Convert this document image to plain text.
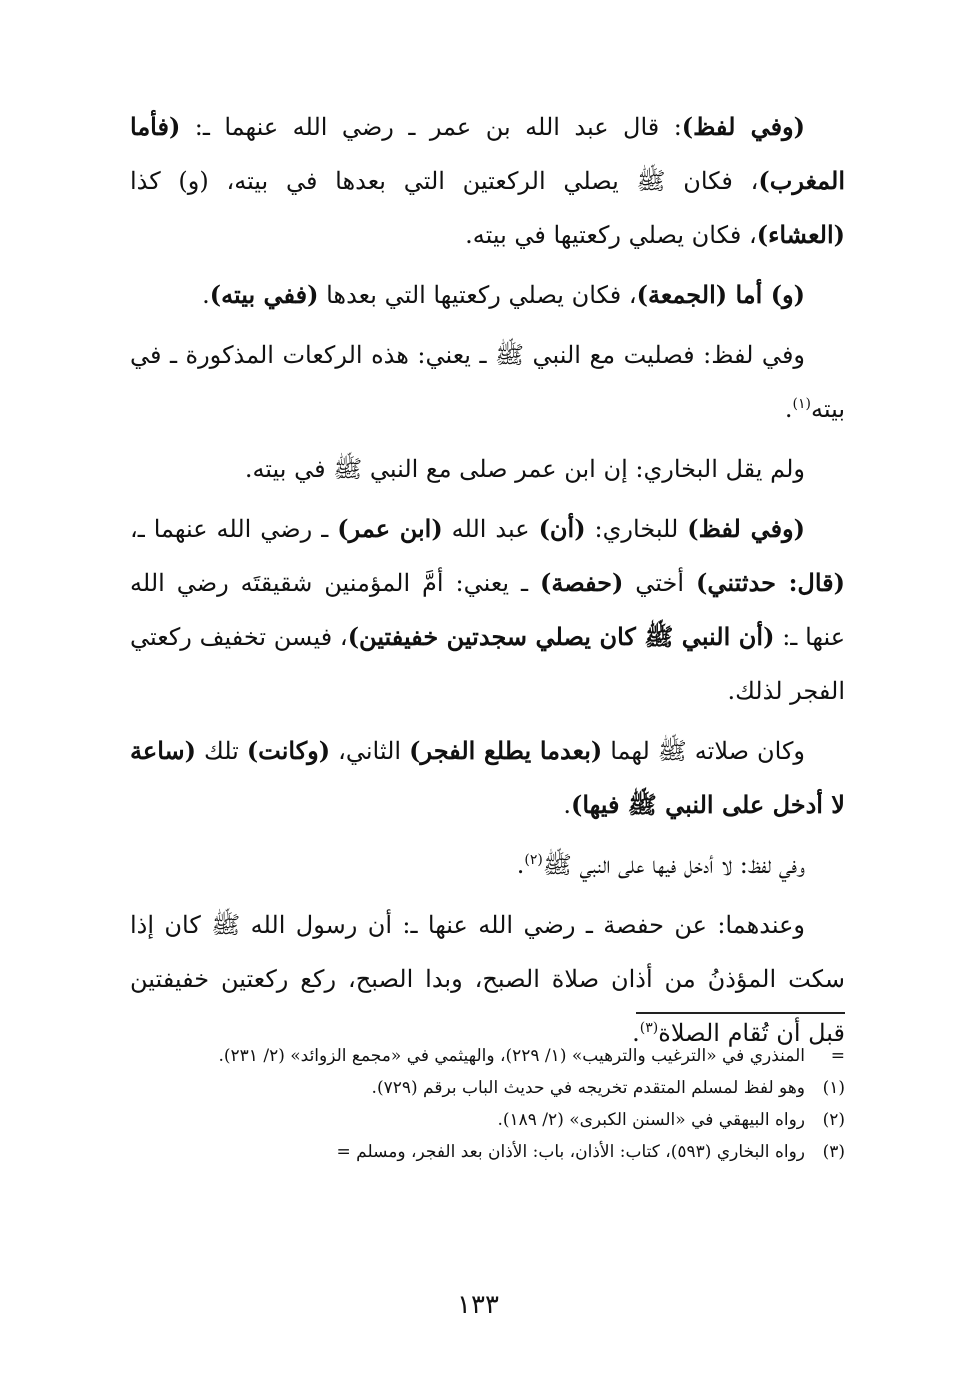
(وفي لفظ): قال عبد الله بن عمر ـ رضي الله عنهما ـ: (فأما المغرب)، فكان ﷺ يصلي الركعتين التي بعدها في بيته، (و) كذا (العشاء)، فكان يصلي ركعتيها في بيته.

(و) أما (الجمعة)، فكان يصلي ركعتيها التي بعدها (ففي بيته).

وفي لفظ: فصليت مع النبي ﷺ ـ يعني: هذه الركعات المذكورة ـ في بيته$^{(١)}$.

ولم يقل البخاري: إن ابن عمر صلى مع النبي ﷺ في بيته.

(وفي لفظ) للبخاري: (أن) عبد الله (ابن عمر) ـ رضي الله عنهما ـ، (قال: حدثتني) أختي (حفصة) ـ يعني: أمَّ المؤمنين شقيقتَه رضي الله عنها ـ: (أن النبي ﷺ كان يصلي سجدتين خفيفتين)، فيسن تخفيف ركعتي الفجر لذلك.

وكان صلاته ﷺ لهما (بعدما يطلع الفجر) الثاني، (وكانت) تلك (ساعة لا أدخل على النبي ﷺ فيها).

وفي لفظ: لا أدخل فيها على النبي ﷺ$^{(٢)}$.

وعندهما: عن حفصة ـ رضي الله عنها ـ: أن رسول الله ﷺ كان إذا سكت المؤذنُ من أذان صلاة الصبح، وبدا الصبح، ركع ركعتين خفيفتين قبل أن تُقام الصلاة$^{(٣)}$.

=
المنذري في «الترغيب والترهيب» (١/ ٢٢٩)، والهيثمي في «مجمع الزوائد» (٢/ ٢٣١).
(١)
وهو لفظ لمسلم المتقدم تخريجه في حديث الباب برقم (٧٢٩).
(٢)
رواه البيهقي في «السنن الكبرى» (٢/ ١٨٩).
(٣)
رواه البخاري (٥٩٣)، كتاب: الأذان، باب: الأذان بعد الفجر، ومسلم =
١٣٣
